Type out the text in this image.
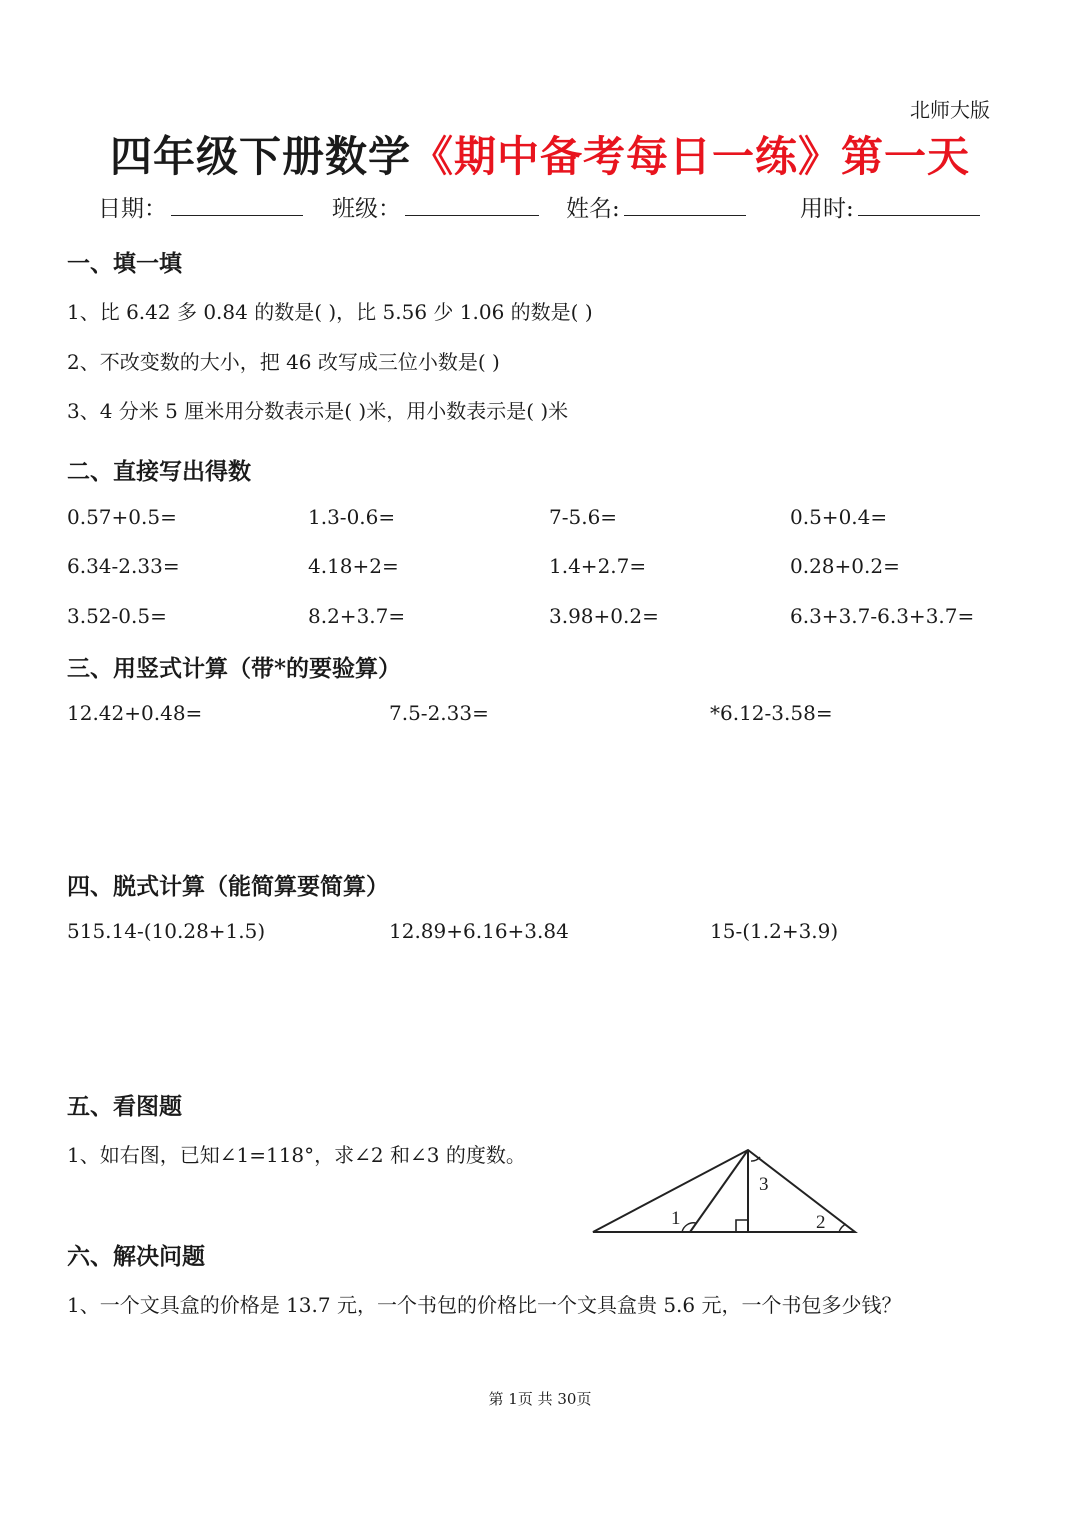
北师大版
四年级下册数学《期中备考每日一练》第一天
日期：	班级：	姓名:	用时:
一、填一填
1、比 6.42 多 0.84 的数是( )，比 5.56 少 1.06 的数是( )
2、不改变数的大小，把 46 改写成三位小数是( )
3、4 分米 5 厘米用分数表示是( )米，用小数表示是( )米
二、直接写出得数
0.57+0.5=	1.3-0.6=	7-5.6=	0.5+0.4=
6.34-2.33=	4.18+2=	1.4+2.7=	0.28+0.2=
3.52-0.5=	8.2+3.7=	3.98+0.2=	6.3+3.7-6.3+3.7=
三、用竖式计算（带*的要验算）
12.42+0.48=	7.5-2.33=	*6.12-3.58=
四、脱式计算（能简算要简算）
515.14-(10.28+1.5)	12.89+6.16+3.84	15-(1.2+3.9)
五、看图题
1、如右图，已知∠1=118°，求∠2 和∠3 的度数。
1	2
3
六、解决问题
1、一个文具盒的价格是 13.7 元，一个书包的价格比一个文具盒贵 5.6 元，一个书包多少钱？
第 1页 共 30页
